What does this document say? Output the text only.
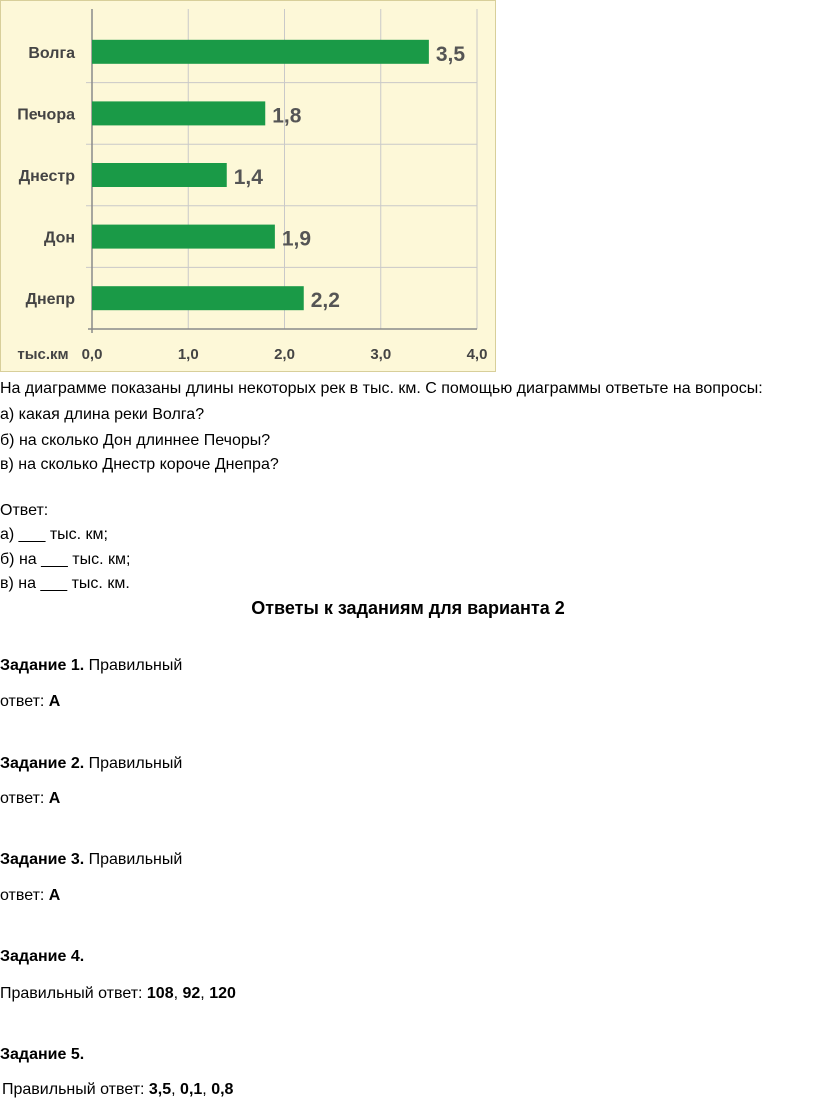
Волга	3,5
Печора	1,8
Днестр	1,4
Дон	1,9
Днепр	2,2
0,0	1,0	2,0	3,0	4,0
тыс.км
На диаграмме показаны длины некоторых рек в тыс. км. С помощью диаграммы ответьте на вопросы:
а) какая длина реки Волга?
б) на сколько Дон длиннее Печоры?
в) на сколько Днестр короче Днепра?
Ответ:
а) ___ тыс. км;
б) на ___ тыс. км;
в) на ___ тыс. км.
Ответы к заданиям для варианта 2
Задание 1. Правильный
ответ: А
Задание 2. Правильный
ответ: А
Задание 3. Правильный
ответ: А
Задание 4.
Правильный ответ: 108, 92, 120
Задание 5.
Правильный ответ: 3,5, 0,1, 0,8
